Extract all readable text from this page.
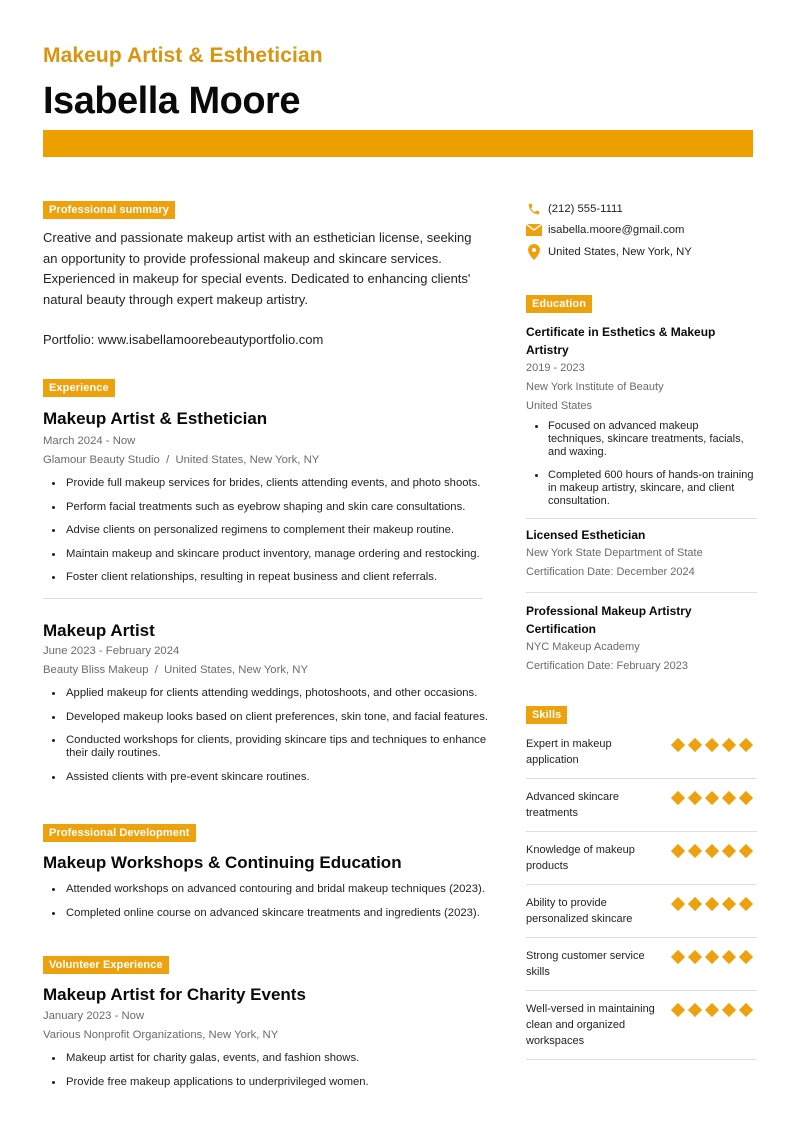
Makeup Artist & Esthetician
Isabella Moore
Professional summary

Creative and passionate makeup artist with an esthetician license, seeking an opportunity to provide professional makeup and skincare services. Experienced in makeup for special events. Dedicated to enhancing clients' natural beauty through expert makeup artistry.

Portfolio: www.isabellamoorebeautyportfolio.com

Experience
Makeup Artist & Esthetician
March 2024 - Now
Glamour Beauty Studio  /  United States, New York, NY
Provide full makeup services for brides, clients attending events, and photo shoots.
Perform facial treatments such as eyebrow shaping and skin care consultations.
Advise clients on personalized regimens to complement their makeup routine.
Maintain makeup and skincare product inventory, manage ordering and restocking.
Foster client relationships, resulting in repeat business and client referrals.
Makeup Artist
June 2023 - February 2024
Beauty Bliss Makeup  /  United States, New York, NY
Applied makeup for clients attending weddings, photoshoots, and other occasions.
Developed makeup looks based on client preferences, skin tone, and facial features.
Conducted workshops for clients, providing skincare tips and techniques to enhance their daily routines.
Assisted clients with pre-event skincare routines.
Professional Development
Makeup Workshops & Continuing Education
Attended workshops on advanced contouring and bridal makeup techniques (2023).
Completed online course on advanced skincare treatments and ingredients (2023).
Volunteer Experience
Makeup Artist for Charity Events
January 2023 - Now
Various Nonprofit Organizations, New York, NY
Makeup artist for charity galas, events, and fashion shows.
Provide free makeup applications to underprivileged women.
(212) 555-1111
isabella.moore@gmail.com
United States, New York, NY
Education
Certificate in Esthetics & Makeup Artistry
2019 - 2023
New York Institute of Beauty
United States
Focused on advanced makeup techniques, skincare treatments, facials, and waxing.
Completed 600 hours of hands-on training in makeup artistry, skincare, and client consultation.
Licensed Esthetician
New York State Department of State
Certification Date: December 2024
Professional Makeup Artistry Certification
NYC Makeup Academy
Certification Date: February 2023
Skills
Expert in makeup application
Advanced skincare treatments
Knowledge of makeup products
Ability to provide personalized skincare
Strong customer service skills
Well-versed in maintaining clean and organized workspaces
